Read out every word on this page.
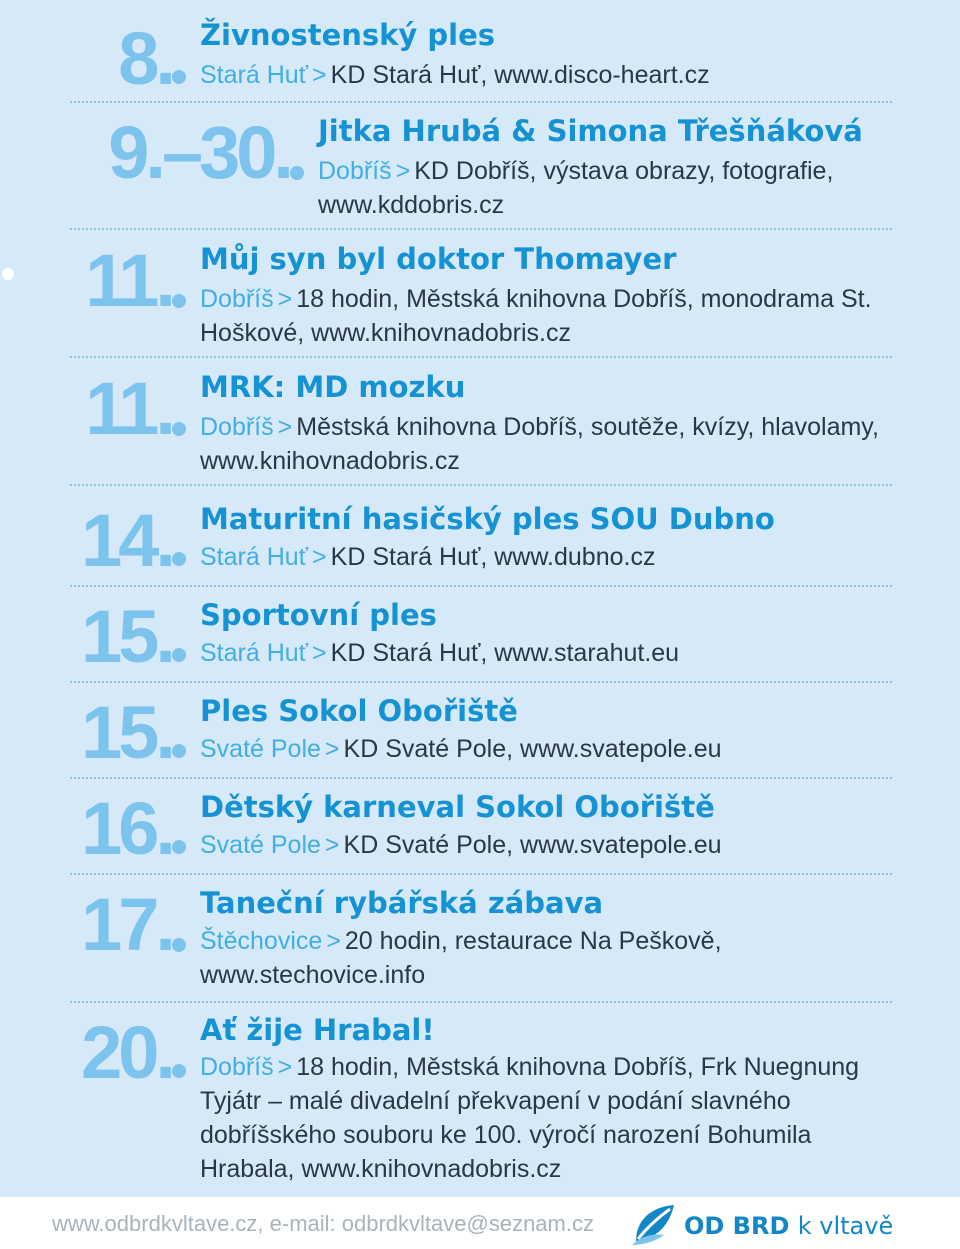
8. Živnostenský ples
Stará Huť > KD Stará Huť, www.disco-heart.cz
9.–30. Jitka Hrubá & Simona Třešňáková
Dobříš > KD Dobříš, výstava obrazy, fotografie, www.kddobris.cz
11. Můj syn byl doktor Thomayer
Dobříš > 18 hodin, Městská knihovna Dobříš, monodrama St. Hoškové, www.knihovnadobris.cz
11. MRK: MD mozku
Dobříš > Městská knihovna Dobříš, soutěže, kvízy, hlavolamy, www.knihovnadobris.cz
14. Maturitní hasičský ples SOU Dubno
Stará Huť > KD Stará Huť, www.dubno.cz
15. Sportovní ples
Stará Huť > KD Stará Huť, www.starahut.eu
15. Ples Sokol Obořiště
Svaté Pole > KD Svaté Pole, www.svatepole.eu
16. Dětský karneval Sokol Obořiště
Svaté Pole > KD Svaté Pole, www.svatepole.eu
17. Taneční rybářská zábava
Štěchovice > 20 hodin, restaurace Na Peškově, www.stechovice.info
20. Ať žije Hrabal!
Dobříš > 18 hodin, Městská knihovna Dobříš, Frk Nuegnung Tyjátr – malé divadelní překvapení v podání slavného dobříšského souboru ke 100. výročí narození Bohumila Hrabala, www.knihovnadobris.cz
www.odbrdkvltave.cz, e-mail: odbrdkvltave@seznam.cz	OD BRD k vltavě
